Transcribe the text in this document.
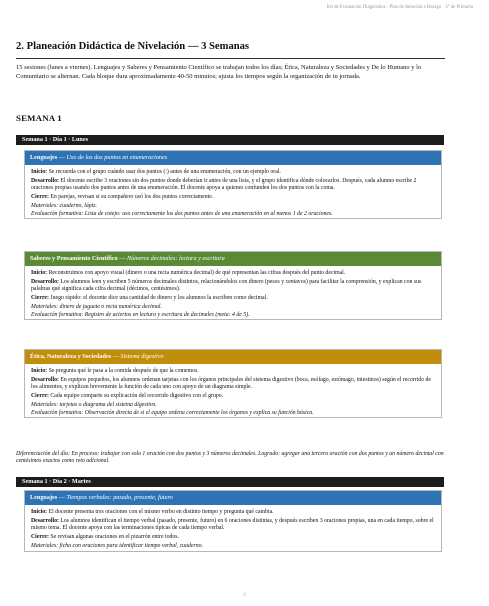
Kit de Evaluación Diagnóstica · Plan de Atención a Rezago · 3° de Primaria
2. Planeación Didáctica de Nivelación — 3 Semanas

15 sesiones (lunes a viernes). Lenguajes y Saberes y Pensamiento Científico se trabajan todos los días; Ética, Naturaleza y Sociedades y De lo Humano y lo Comunitario se alternan. Cada bloque dura aproximadamente 40-50 minutos; ajusta los tiempos según la organización de tu jornada.

SEMANA 1
Semana 1 · Día 1 · Lunes
Lenguajes — Uso de los dos puntos en enumeraciones

Inicio: Se recuerda con el grupo cuándo usar dos puntos (:) antes de una enumeración, con un ejemplo oral.

Desarrollo: El docente escribe 3 oraciones sin dos puntos donde deberían ir antes de una lista, y el grupo identifica dónde colocarlos. Después, cada alumno escribe 2 oraciones propias usando dos puntos antes de una enumeración. El docente apoya a quienes confunden los dos puntos con la coma.

Cierre: En parejas, revisan si su compañero usó los dos puntos correctamente.

Materiales: cuaderno, lápiz.

Evaluación formativa: Lista de cotejo: uso correctamente los dos puntos antes de una enumeración en al menos 1 de 2 oraciones.

Saberes y Pensamiento Científico — Números decimales: lectura y escritura

Inicio: Reconstruimos con apoyo visual (dinero o una recta numérica decimal) de qué representan las cifras después del punto decimal.

Desarrollo: Los alumnos leen y escriben 5 números decimales distintos, relacionándolos con dinero (pesos y centavos) para facilitar la comprensión, y explican con sus palabras qué significa cada cifra decimal (décimos, centésimos).

Cierre: Juego rápido: el docente dice una cantidad de dinero y los alumnos la escriben como decimal.

Materiales: dinero de juguete o recta numérica decimal.

Evaluación formativa: Registro de aciertos en lectura y escritura de decimales (meta: 4 de 5).

Ética, Naturaleza y Sociedades — Sistema digestivo

Inicio: Se pregunta qué le pasa a la comida después de que la comemos.

Desarrollo: En equipos pequeños, los alumnos ordenan tarjetas con los órganos principales del sistema digestivo (boca, esófago, estómago, intestinos) según el recorrido de los alimentos, y explican brevemente la función de cada uno con apoyo de un diagrama simple.

Cierre: Cada equipo comparte su explicación del recorrido digestivo con el grupo.

Materiales: tarjetas o diagrama del sistema digestivo.

Evaluación formativa: Observación directa de si el equipo ordena correctamente los órganos y explica su función básica.

Diferenciación del día: En proceso: trabajar con solo 1 oración con dos puntos y 3 números decimales. Logrado: agregar una tercera oración con dos puntos y un número decimal con centésimos exactos como reto adicional.

Semana 1 · Día 2 · Martes
Lenguajes — Tiempos verbales: pasado, presente, futuro

Inicio: El docente presenta tres oraciones con el mismo verbo en distinto tiempo y pregunta qué cambia.

Desarrollo: Los alumnos identifican el tiempo verbal (pasado, presente, futuro) en 6 oraciones distintas, y después escriben 3 oraciones propias, una en cada tiempo, sobre el mismo tema. El docente apoya con las terminaciones típicas de cada tiempo verbal.

Cierre: Se revisan algunas oraciones en el pizarrón entre todos.

Materiales: ficha con oraciones para identificar tiempo verbal, cuaderno.

6
